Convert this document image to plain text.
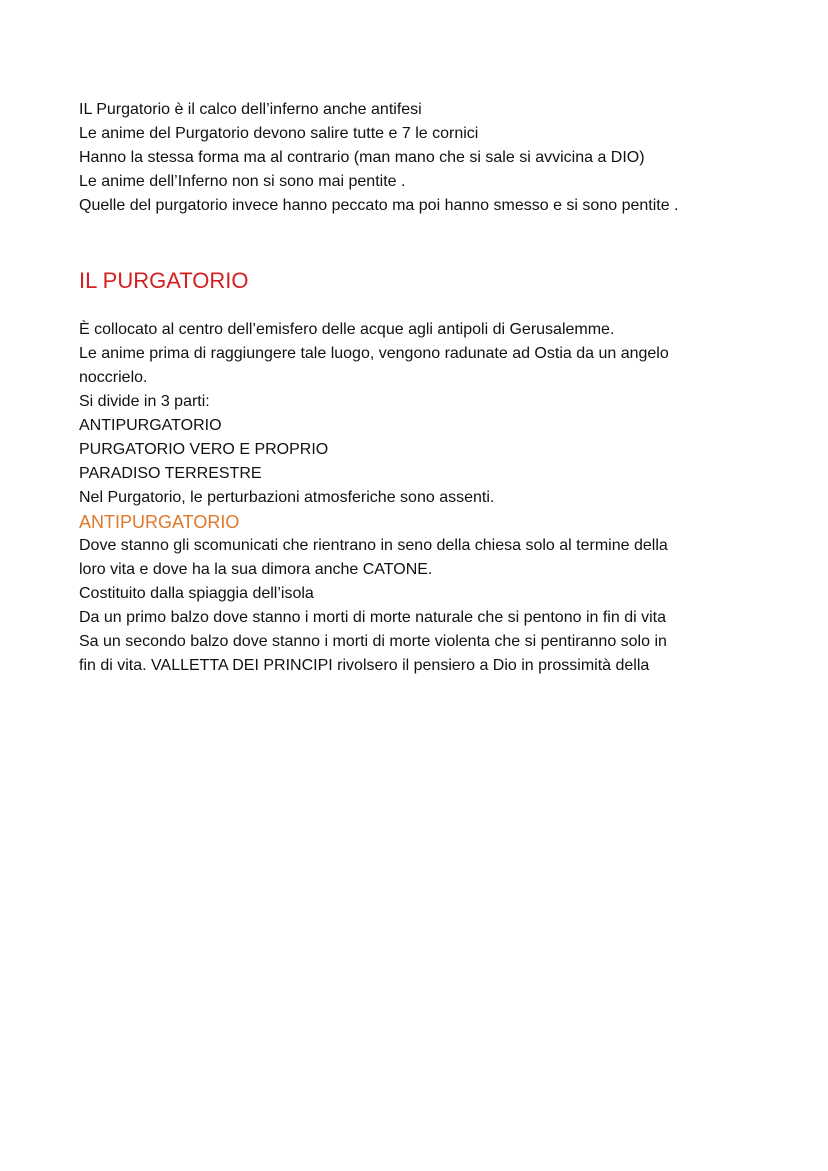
IL Purgatorio è il calco dell’inferno anche antifesi

Le anime del Purgatorio devono salire tutte e 7 le cornici

Hanno la stessa forma ma al contrario (man mano che si sale si avvicina a DIO)

Le anime dell’Inferno non si sono mai pentite .

Quelle del purgatorio invece hanno peccato ma poi hanno smesso e si sono pentite .

IL PURGATORIO

È collocato al centro dell’emisfero delle acque agli antipoli di Gerusalemme.

Le anime prima di raggiungere tale luogo, vengono radunate ad Ostia da un angelo

noccrielo.

Si divide in 3 parti:

ANTIPURGATORIO

PURGATORIO VERO E PROPRIO

PARADISO TERRESTRE

Nel Purgatorio, le perturbazioni atmosferiche sono assenti.

ANTIPURGATORIO

Dove stanno gli scomunicati che rientrano in seno della chiesa solo al termine della

loro vita e dove ha la sua dimora anche CATONE.

Costituito dalla spiaggia dell’isola

Da un primo balzo dove stanno i morti di morte naturale che si pentono in fin di vita

Sa un secondo balzo dove stanno i morti di morte violenta che si pentiranno solo in

fin di vita. VALLETTA DEI PRINCIPI rivolsero il pensiero a Dio in prossimità della
